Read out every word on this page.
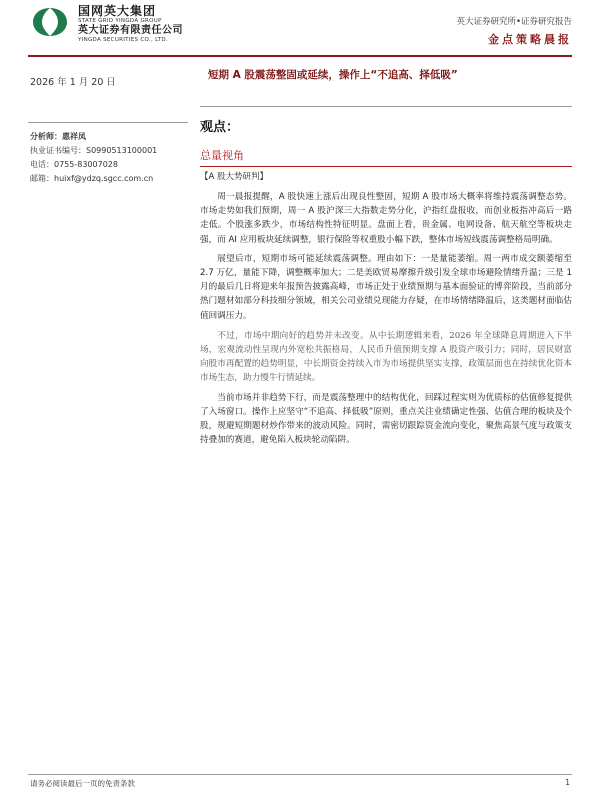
国网英大集团
STATE GRID YINGDA GROUP
英大证券有限责任公司
YINGDA SECURITIES CO., LTD.
英大证券研究所•证券研究报告
金点策略晨报
2026 年 1 月 20 日
短期 A 股震荡整固或延续，操作上“不追高、择低吸”
分析师：惠祥凤
执业证书编号：S0990513100001
电话：0755-83007028
邮箱：huixf@ydzq.sgcc.com.cn
观点：
总量视角
【A 股大势研判】

周一晨报提醒，A 股快速上涨后出现良性整固，短期 A 股市场大概率将维持震荡调整态势。市场走势如我们预期，周一 A 股沪深三大指数走势分化，沪指红盘报收，而创业板指冲高后一路走低。个股涨多跌少，市场结构性特征明显。盘面上看，贵金属、电网设备、航天航空等板块走强，而 AI 应用板块延续调整，银行保险等权重股小幅下跌，整体市场短线震荡调整格局明确。

展望后市，短期市场可能延续震荡调整。理由如下：一是量能萎缩。周一两市成交额萎缩至 2.7 万亿，量能下降，调整概率加大；二是美欧贸易摩擦升级引发全球市场避险情绪升温；三是 1 月的最后几日将迎来年报预告披露高峰，市场正处于业绩预期与基本面验证的博弈阶段，当前部分热门题材如部分科技细分领域，相关公司业绩兑现能力存疑，在市场情绪降温后，这类题材面临估值回调压力。

不过，市场中期向好的趋势并未改变。从中长期逻辑来看，2026 年全球降息周期进入下半场，宏观流动性呈现内外宽松共振格局，人民币升值预期支撑 A 股资产吸引力；同时，居民财富向股市再配置的趋势明显，中长期资金持续入市为市场提供坚实支撑，政策层面也在持续优化资本市场生态，助力慢牛行情延续。

当前市场并非趋势下行，而是震荡整理中的结构优化，回踩过程实则为优质标的估值修复提供了入场窗口。操作上应坚守“不追高、择低吸”原则，重点关注业绩确定性强、估值合理的板块及个股，规避短期题材炒作带来的波动风险。同时，需密切跟踪资金流向变化，聚焦高景气度与政策支持叠加的赛道，避免陷入板块轮动陷阱。

请务必阅读最后一页的免责条款	1
